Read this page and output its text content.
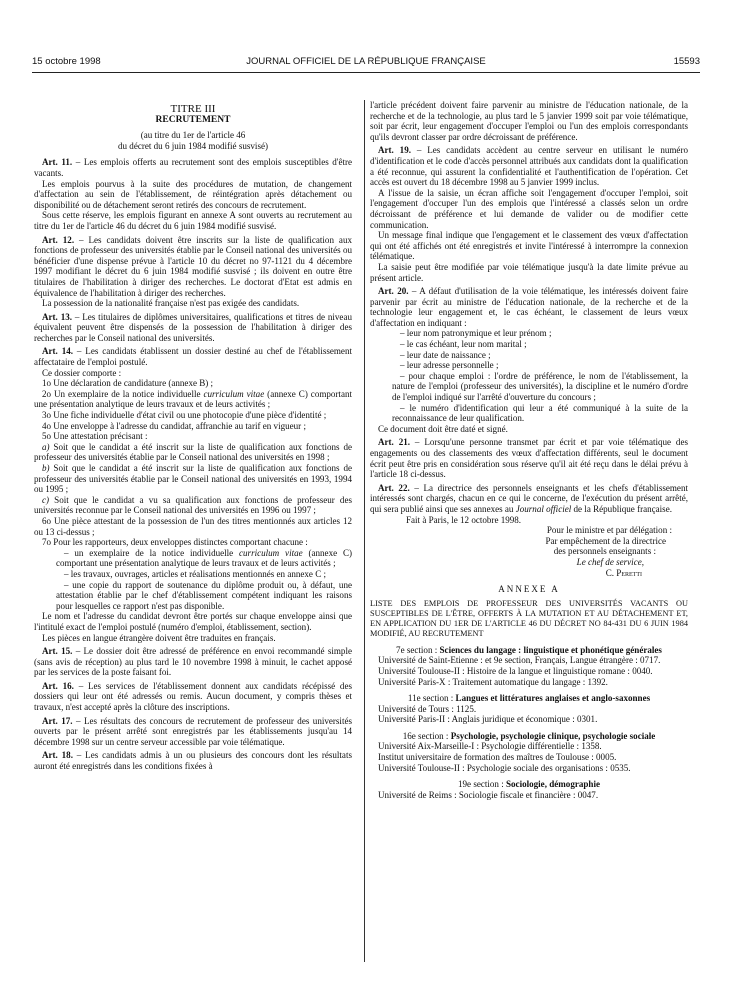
15 octobre 1998	JOURNAL OFFICIEL DE LA RÉPUBLIQUE FRANÇAISE	15593

TITRE III

RECRUTEMENT

(au titre du 1er de l'article 46

du décret du 6 juin 1984 modifié susvisé)

Art. 11. – Les emplois offerts au recrutement sont des emplois susceptibles d'être vacants.

Les emplois pourvus à la suite des procédures de mutation, de changement d'affectation au sein de l'établissement, de réintégration après détachement ou disponibilité ou de détachement seront retirés des concours de recrutement.

Sous cette réserve, les emplois figurant en annexe A sont ouverts au recrutement au titre du 1er de l'article 46 du décret du 6 juin 1984 modifié susvisé.

Art. 12. – Les candidats doivent être inscrits sur la liste de qualification aux fonctions de professeur des universités établie par le Conseil national des universités ou bénéficier d'une dispense prévue à l'article 10 du décret no 97-1121 du 4 décembre 1997 modifiant le décret du 6 juin 1984 modifié susvisé ; ils doivent en outre être titulaires de l'habilitation à diriger des recherches. Le doctorat d'Etat est admis en équivalence de l'habilitation à diriger des recherches.

La possession de la nationalité française n'est pas exigée des candidats.

Art. 13. – Les titulaires de diplômes universitaires, qualifications et titres de niveau équivalent peuvent être dispensés de la possession de l'habilitation à diriger des recherches par le Conseil national des universités.

Art. 14. – Les candidats établissent un dossier destiné au chef de l'établissement affectataire de l'emploi postulé.

Ce dossier comporte :

1o Une déclaration de candidature (annexe B) ;

2o Un exemplaire de la notice individuelle curriculum vitae (annexe C) comportant une présentation analytique de leurs travaux et de leurs activités ;

3o Une fiche individuelle d'état civil ou une photocopie d'une pièce d'identité ;

4o Une enveloppe à l'adresse du candidat, affranchie au tarif en vigueur ;

5o Une attestation précisant :

a) Soit que le candidat a été inscrit sur la liste de qualification aux fonctions de professeur des universités établie par le Conseil national des universités en 1998 ;

b) Soit que le candidat a été inscrit sur la liste de qualification aux fonctions de professeur des universités établie par le Conseil national des universités en 1993, 1994 ou 1995 ;

c) Soit que le candidat a vu sa qualification aux fonctions de professeur des universités reconnue par le Conseil national des universités en 1996 ou 1997 ;

6o Une pièce attestant de la possession de l'un des titres mentionnés aux articles 12 ou 13 ci-dessus ;

7o Pour les rapporteurs, deux enveloppes distinctes comportant chacune :

– un exemplaire de la notice individuelle curriculum vitae (annexe C) comportant une présentation analytique de leurs travaux et de leurs activités ;

– les travaux, ouvrages, articles et réalisations mentionnés en annexe C ;

– une copie du rapport de soutenance du diplôme produit ou, à défaut, une attestation établie par le chef d'établissement compétent indiquant les raisons pour lesquelles ce rapport n'est pas disponible.

Le nom et l'adresse du candidat devront être portés sur chaque enveloppe ainsi que l'intitulé exact de l'emploi postulé (numéro d'emploi, établissement, section).

Les pièces en langue étrangère doivent être traduites en français.

Art. 15. – Le dossier doit être adressé de préférence en envoi recommandé simple (sans avis de réception) au plus tard le 10 novembre 1998 à minuit, le cachet apposé par les services de la poste faisant foi.

Art. 16. – Les services de l'établissement donnent aux candidats récépissé des dossiers qui leur ont été adressés ou remis. Aucun document, y compris thèses et travaux, n'est accepté après la clôture des inscriptions.

Art. 17. – Les résultats des concours de recrutement de professeur des universités ouverts par le présent arrêté sont enregistrés par les établissements jusqu'au 14 décembre 1998 sur un centre serveur accessible par voie télématique.

Art. 18. – Les candidats admis à un ou plusieurs des concours dont les résultats auront été enregistrés dans les conditions fixées à

l'article précédent doivent faire parvenir au ministre de l'éducation nationale, de la recherche et de la technologie, au plus tard le 5 janvier 1999 soit par voie télématique, soit par écrit, leur engagement d'occuper l'emploi ou l'un des emplois correspondants qu'ils devront classer par ordre décroissant de préférence.

Art. 19. – Les candidats accèdent au centre serveur en utilisant le numéro d'identification et le code d'accès personnel attribués aux candidats dont la qualification a été reconnue, qui assurent la confidentialité et l'authentification de l'opération. Cet accès est ouvert du 18 décembre 1998 au 5 janvier 1999 inclus.

A l'issue de la saisie, un écran affiche soit l'engagement d'occuper l'emploi, soit l'engagement d'occuper l'un des emplois que l'intéressé a classés selon un ordre décroissant de préférence et lui demande de valider ou de modifier cette communication.

Un message final indique que l'engagement et le classement des vœux d'affectation qui ont été affichés ont été enregistrés et invite l'intéressé à interrompre la connexion télématique.

La saisie peut être modifiée par voie télématique jusqu'à la date limite prévue au présent article.

Art. 20. – A défaut d'utilisation de la voie télématique, les intéressés doivent faire parvenir par écrit au ministre de l'éducation nationale, de la recherche et de la technologie leur engagement et, le cas échéant, le classement de leurs vœux d'affectation en indiquant :

– leur nom patronymique et leur prénom ;

– le cas échéant, leur nom marital ;

– leur date de naissance ;

– leur adresse personnelle ;

– pour chaque emploi : l'ordre de préférence, le nom de l'établissement, la nature de l'emploi (professeur des universités), la discipline et le numéro d'ordre de l'emploi indiqué sur l'arrêté d'ouverture du concours ;

– le numéro d'identification qui leur a été communiqué à la suite de la reconnaissance de leur qualification.

Ce document doit être daté et signé.

Art. 21. – Lorsqu'une personne transmet par écrit et par voie télématique des engagements ou des classements des vœux d'affectation différents, seul le document écrit peut être pris en considération sous réserve qu'il ait été reçu dans le délai prévu à l'article 18 ci-dessus.

Art. 22. – La directrice des personnels enseignants et les chefs d'établissement intéressés sont chargés, chacun en ce qui le concerne, de l'exécution du présent arrêté, qui sera publié ainsi que ses annexes au Journal officiel de la République française.

Fait à Paris, le 12 octobre 1998.

Pour le ministre et par délégation :

Par empêchement de la directrice

des personnels enseignants :

Le chef de service,

C. Peretti

ANNEXE A

LISTE DES EMPLOIS DE PROFESSEUR DES UNIVERSITÉS VACANTS OU SUSCEPTIBLES DE L'ÊTRE, OFFERTS À LA MUTATION ET AU DÉTACHEMENT ET, EN APPLICATION DU 1ER DE L'ARTICLE 46 DU DÉCRET NO 84-431 DU 6 JUIN 1984 MODIFIÉ, AU RECRUTEMENT

7e section : Sciences du langage : linguistique et phonétique générales

Université de Saint-Etienne : et 9e section, Français, Langue étrangère : 0717.

Université Toulouse-II : Histoire de la langue et linguistique romane : 0040.

Université Paris-X : Traitement automatique du langage : 1392.

11e section : Langues et littératures anglaises et anglo-saxonnes

Université de Tours : 1125.

Université Paris-II : Anglais juridique et économique : 0301.

16e section : Psychologie, psychologie clinique, psychologie sociale

Université Aix-Marseille-I : Psychologie différentielle : 1358.

Institut universitaire de formation des maîtres de Toulouse : 0005.

Université Toulouse-II : Psychologie sociale des organisations : 0535.

19e section : Sociologie, démographie

Université de Reims : Sociologie fiscale et financière : 0047.
